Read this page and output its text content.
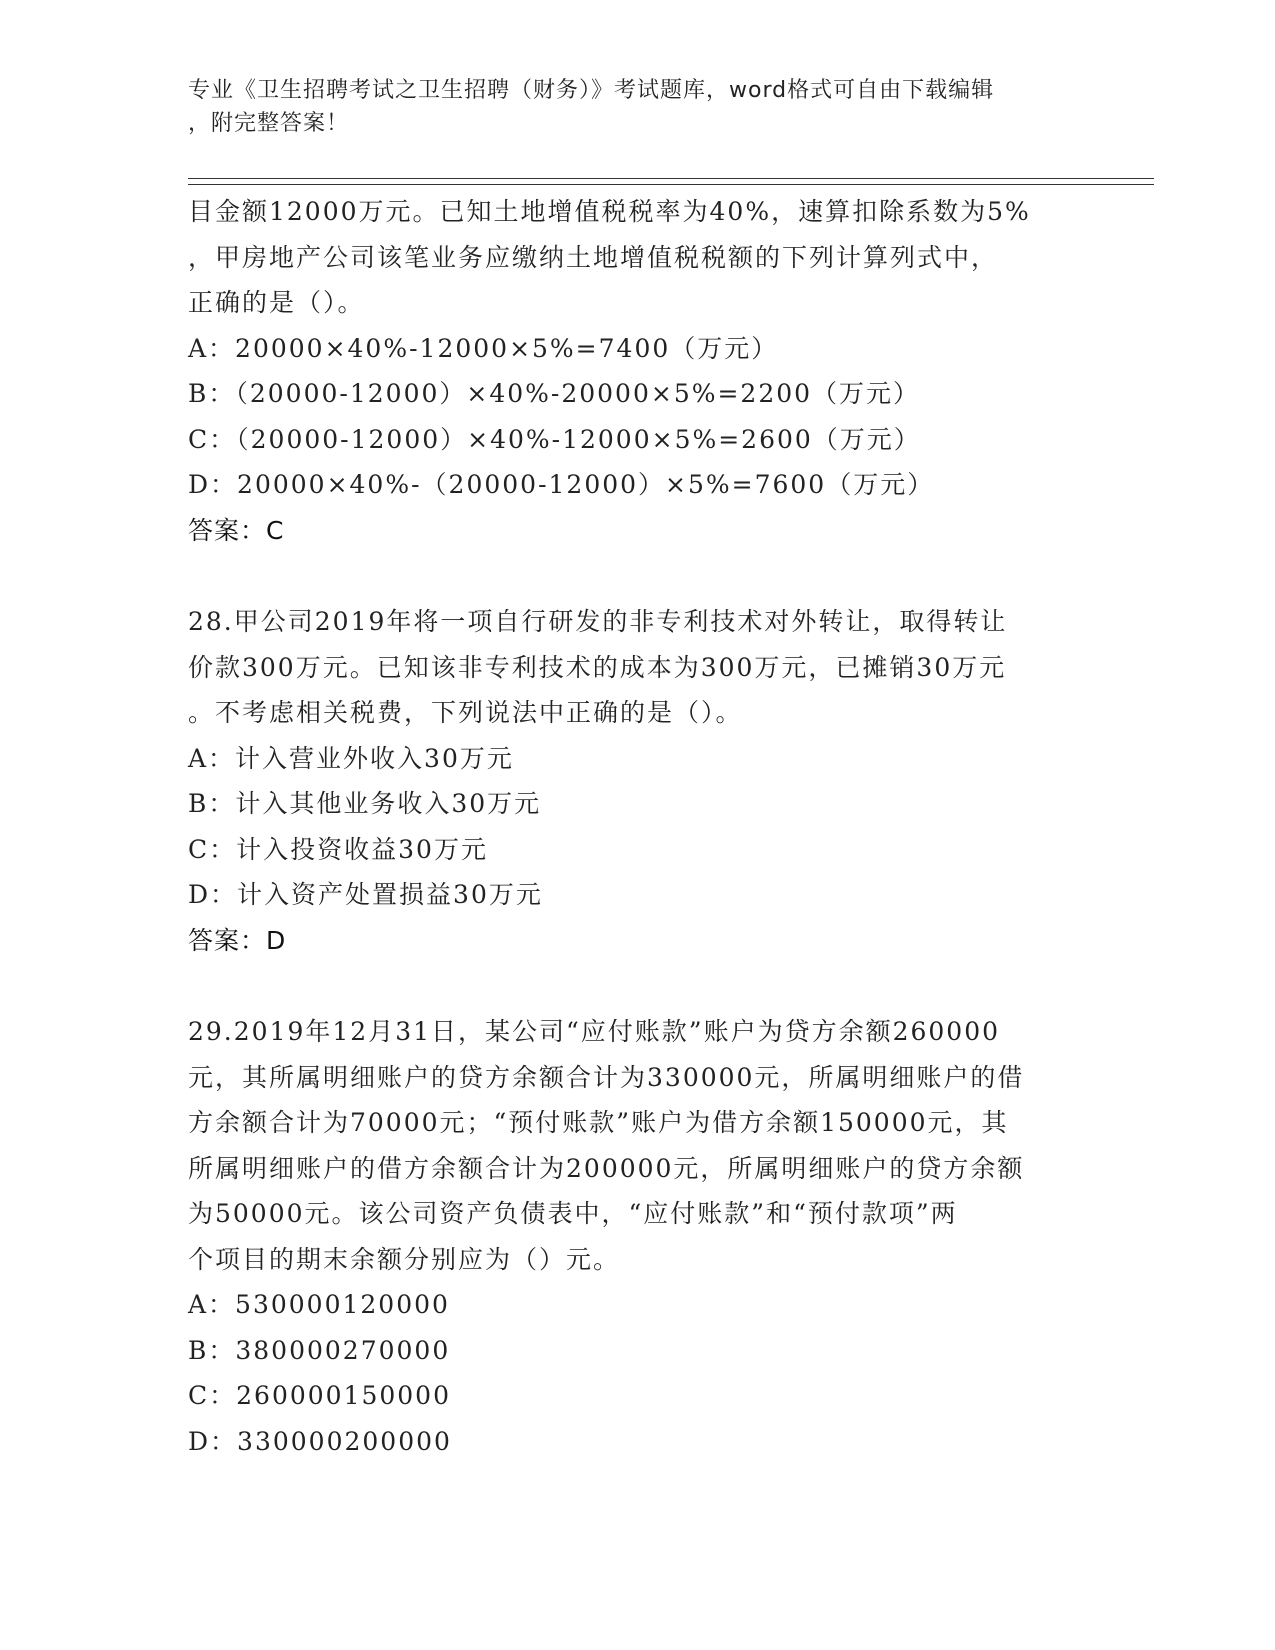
专业《卫生招聘考试之卫生招聘（财务）》考试题库，word格式可自由下载编辑
，附完整答案！
目金额12000万元。已知土地增值税税率为40%，速算扣除系数为5%
，甲房地产公司该笔业务应缴纳土地增值税税额的下列计算列式中，
正确的是（）。
A：20000×40%-12000×5%=7400（万元）
B：（20000-12000）×40%-20000×5%=2200（万元）
C：（20000-12000）×40%-12000×5%=2600（万元）
D：20000×40%-（20000-12000）×5%=7600（万元）
答案：C
28.甲公司2019年将一项自行研发的非专利技术对外转让，取得转让
价款300万元。已知该非专利技术的成本为300万元，已摊销30万元
。不考虑相关税费，下列说法中正确的是（）。
A：计入营业外收入30万元
B：计入其他业务收入30万元
C：计入投资收益30万元
D：计入资产处置损益30万元
答案：D
29.2019年12月31日，某公司“应付账款”账户为贷方余额260000
元，其所属明细账户的贷方余额合计为330000元，所属明细账户的借
方余额合计为70000元；“预付账款”账户为借方余额150000元，其
所属明细账户的借方余额合计为200000元，所属明细账户的贷方余额
为50000元。该公司资产负债表中，“应付账款”和“预付款项”两
个项目的期末余额分别应为（）元。
A：530000120000
B：380000270000
C：260000150000
D：330000200000
